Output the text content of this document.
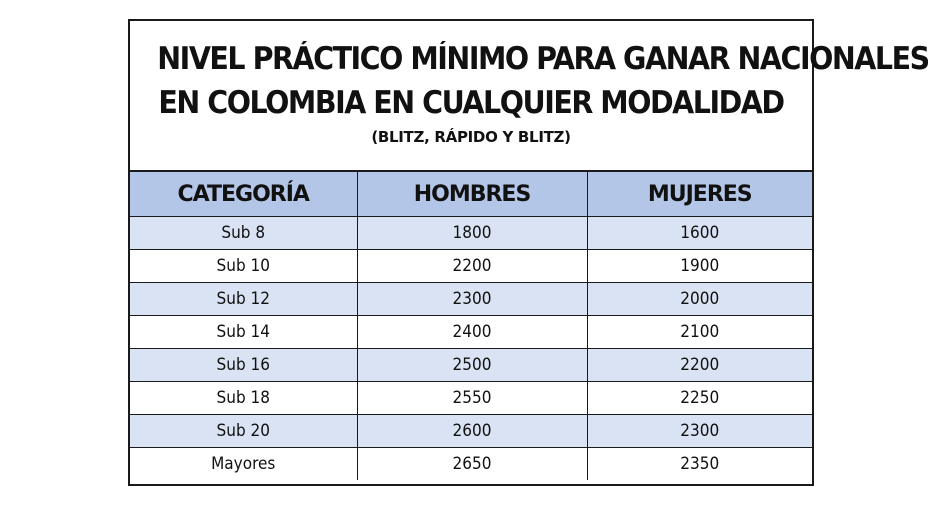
NIVEL PRÁCTICO MÍNIMO PARA GANAR NACIONALES
EN COLOMBIA EN CUALQUIER MODALIDAD
(BLITZ, RÁPIDO Y BLITZ)
CATEGORÍA	HOMBRES	MUJERES
Sub 8	1800	1600
Sub 10	2200	1900
Sub 12	2300	2000
Sub 14	2400	2100
Sub 16	2500	2200
Sub 18	2550	2250
Sub 20	2600	2300
Mayores	2650	2350
